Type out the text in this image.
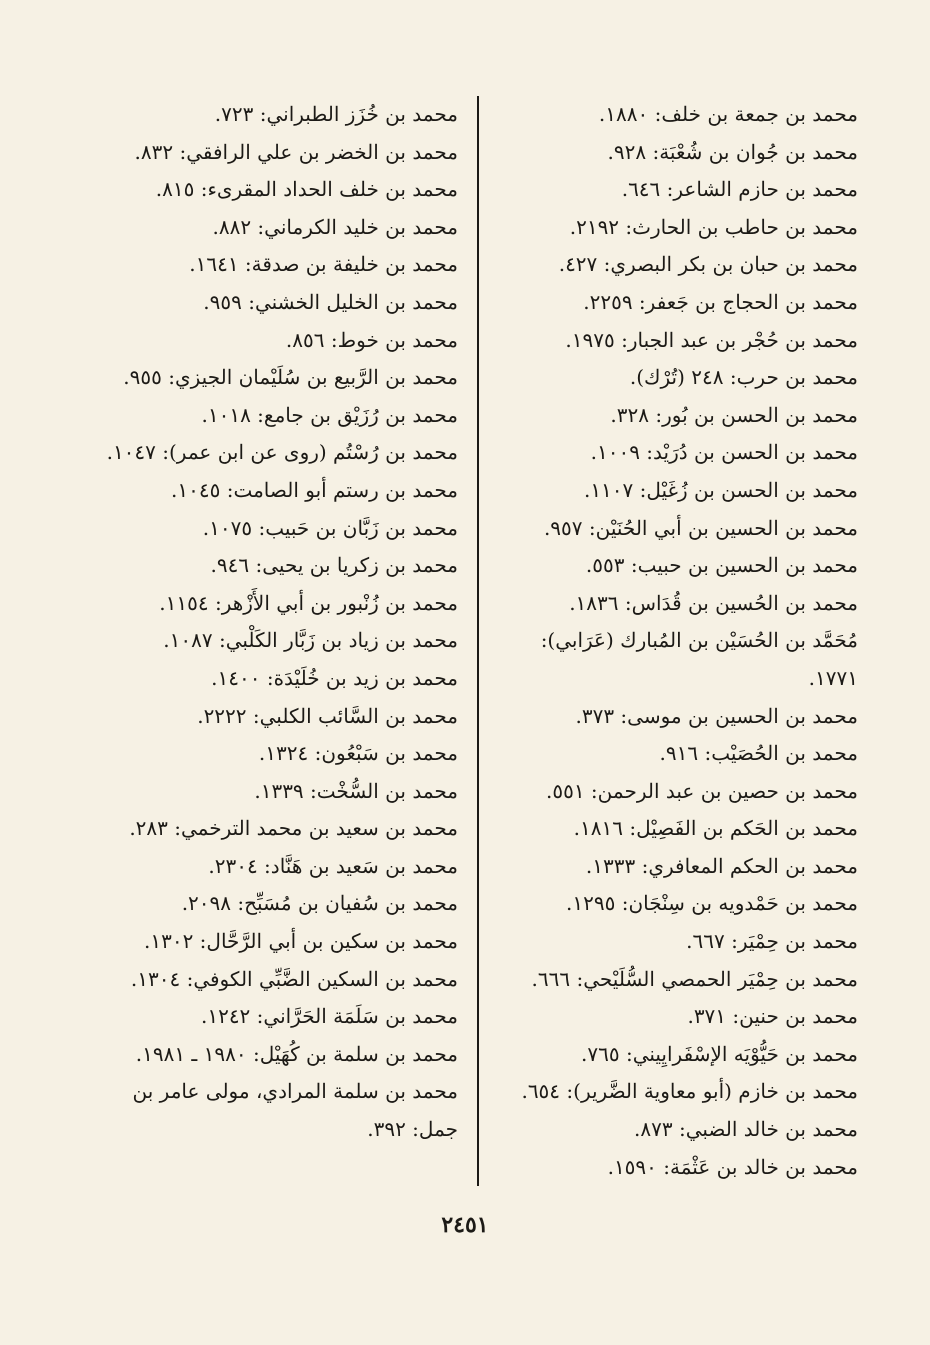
محمد بن جمعة بن خلف: ١٨٨٠.
محمد بن جُوان بن شُعْبَة: ٩٢٨.
محمد بن حازم الشاعر: ٦٤٦.
محمد بن حاطب بن الحارث: ٢١٩٢.
محمد بن حبان بن بكر البصري: ٤٢٧.
محمد بن الحجاج بن جَعفر: ٢٢٥٩.
محمد بن حُجْر بن عبد الجبار: ١٩٧٥.
محمد بن حرب: ٢٤٨ (تُرْك).
محمد بن الحسن بن بُور: ٣٢٨.
محمد بن الحسن بن دُرَيْد: ١٠٠٩.
محمد بن الحسن بن زُغَيْل: ١١٠٧.
محمد بن الحسين بن أبي الحُنَيْن: ٩٥٧.
محمد بن الحسين بن حبيب: ٥٥٣.
محمد بن الحُسين بن قُدَاس: ١٨٣٦.
مُحَمَّد بن الحُسَيْن بن المُبارك (عَرَابي): ١٧٧١.
محمد بن الحسين بن موسى: ٣٧٣.
محمد بن الحُصَيْب: ٩١٦.
محمد بن حصين بن عبد الرحمن: ٥٥١.
محمد بن الحَكم بن الفَصِيْل: ١٨١٦.
محمد بن الحكم المعافري: ١٣٣٣.
محمد بن حَمْدويه بن سِنْجَان: ١٢٩٥.
محمد بن حِمْيَر: ٦٦٧.
محمد بن حِمْيَر الحمصي السُّلَيْحي: ٦٦٦.
محمد بن حنين: ٣٧١.
محمد بن حَيُّوْيَه الإسْفَرايِيني: ٧٦٥.
محمد بن خازم (أبو معاوية الضَّرير): ٦٥٤.
محمد بن خالد الضبي: ٨٧٣.
محمد بن خالد بن عَثْمَة: ١٥٩٠.
محمد بن خُزَز الطبراني: ٧٢٣.
محمد بن الخضر بن علي الرافقي: ٨٣٢.
محمد بن خلف الحداد المقرىء: ٨١٥.
محمد بن خليد الكرماني: ٨٨٢.
محمد بن خليفة بن صدقة: ١٦٤١.
محمد بن الخليل الخشني: ٩٥٩.
محمد بن خوط: ٨٥٦.
محمد بن الرَّبيع بن سُلَيْمان الجيزي: ٩٥٥.
محمد بن رُزَيْق بن جامع: ١٠١٨.
محمد بن رُسْتُم (روى عن ابن عمر): ١٠٤٧.
محمد بن رستم أبو الصامت: ١٠٤٥.
محمد بن زَبَّان بن حَبيب: ١٠٧٥.
محمد بن زكريا بن يحيى: ٩٤٦.
محمد بن زُنْبور بن أبي الأَزْهر: ١١٥٤.
محمد بن زياد بن زَبَّار الكَلْبي: ١٠٨٧.
محمد بن زيد بن خُلَيْدَة: ١٤٠٠.
محمد بن السَّائب الكلبي: ٢٢٢٢.
محمد بن سَبْعُون: ١٣٢٤.
محمد بن السُّخْت: ١٣٣٩.
محمد بن سعيد بن محمد الترخمي: ٢٨٣.
محمد بن سَعيد بن هَنَّاد: ٢٣٠٤.
محمد بن سُفيان بن مُسَبِّح: ٢٠٩٨.
محمد بن سكين بن أبي الرَّحَّال: ١٣٠٢.
محمد بن السكين الضَّبِّي الكوفي: ١٣٠٤.
محمد بن سَلَمَة الحَرَّاني: ١٢٤٢.
محمد بن سلمة بن كُهَيْل: ١٩٨٠ ـ ١٩٨١.
محمد بن سلمة المرادي، مولى عامر بن جمل: ٣٩٢.
٢٤٥١
